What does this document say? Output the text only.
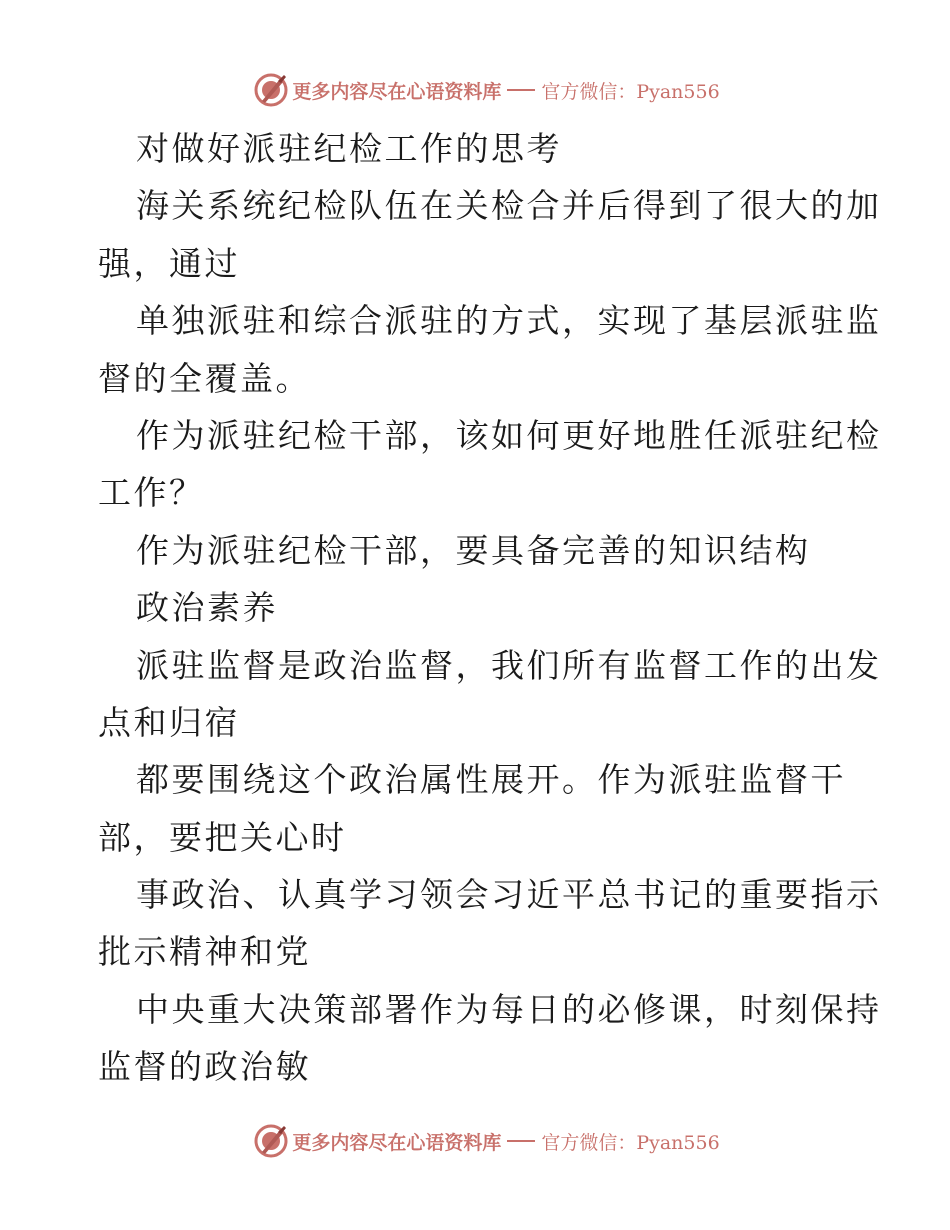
更多内容尽在心语资料库 官方微信：Pyan556
对做好派驻纪检工作的思考
海关系统纪检队伍在关检合并后得到了很大的加
强，通过
单独派驻和综合派驻的方式，实现了基层派驻监
督的全覆盖。
作为派驻纪检干部，该如何更好地胜任派驻纪检
工作？
作为派驻纪检干部，要具备完善的知识结构
政治素养
派驻监督是政治监督，我们所有监督工作的出发
点和归宿
都要围绕这个政治属性展开。作为派驻监督干
部，要把关心时
事政治、认真学习领会习近平总书记的重要指示
批示精神和党
中央重大决策部署作为每日的必修课，时刻保持
监督的政治敏
更多内容尽在心语资料库 官方微信：Pyan556
